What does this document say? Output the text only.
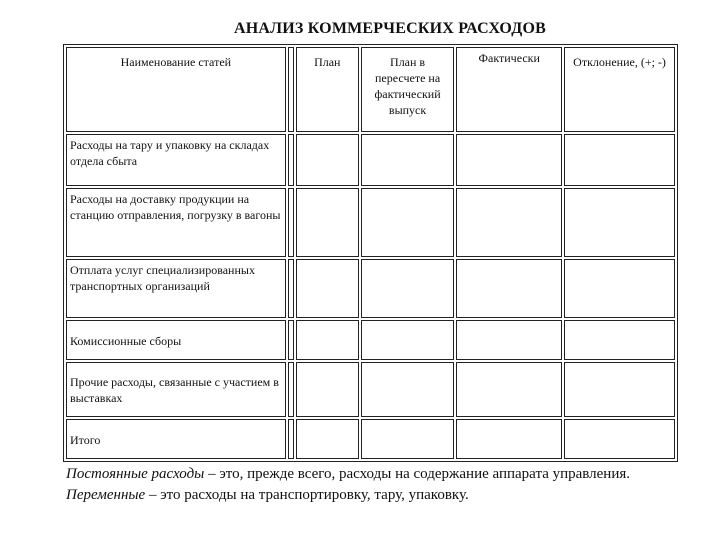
АНАЛИЗ КОММЕРЧЕСКИХ РАСХОДОВ
Наименование статей		План	План в пересчете на фактический выпуск	Фактически	Отклонение, (+; -)
Расходы на тару и упаковку на складах отдела сбыта					
Расходы на доставку продукции на станцию отправления, погрузку в вагоны					
Отплата услуг специализированных транспортных организаций					
Комиссионные сборы					
Прочие расходы, связанные с участием в выставках					
Итого					
Постоянные расходы – это, прежде всего, расходы на содержание аппарата управления.
Переменные – это расходы на транспортировку, тару, упаковку.
